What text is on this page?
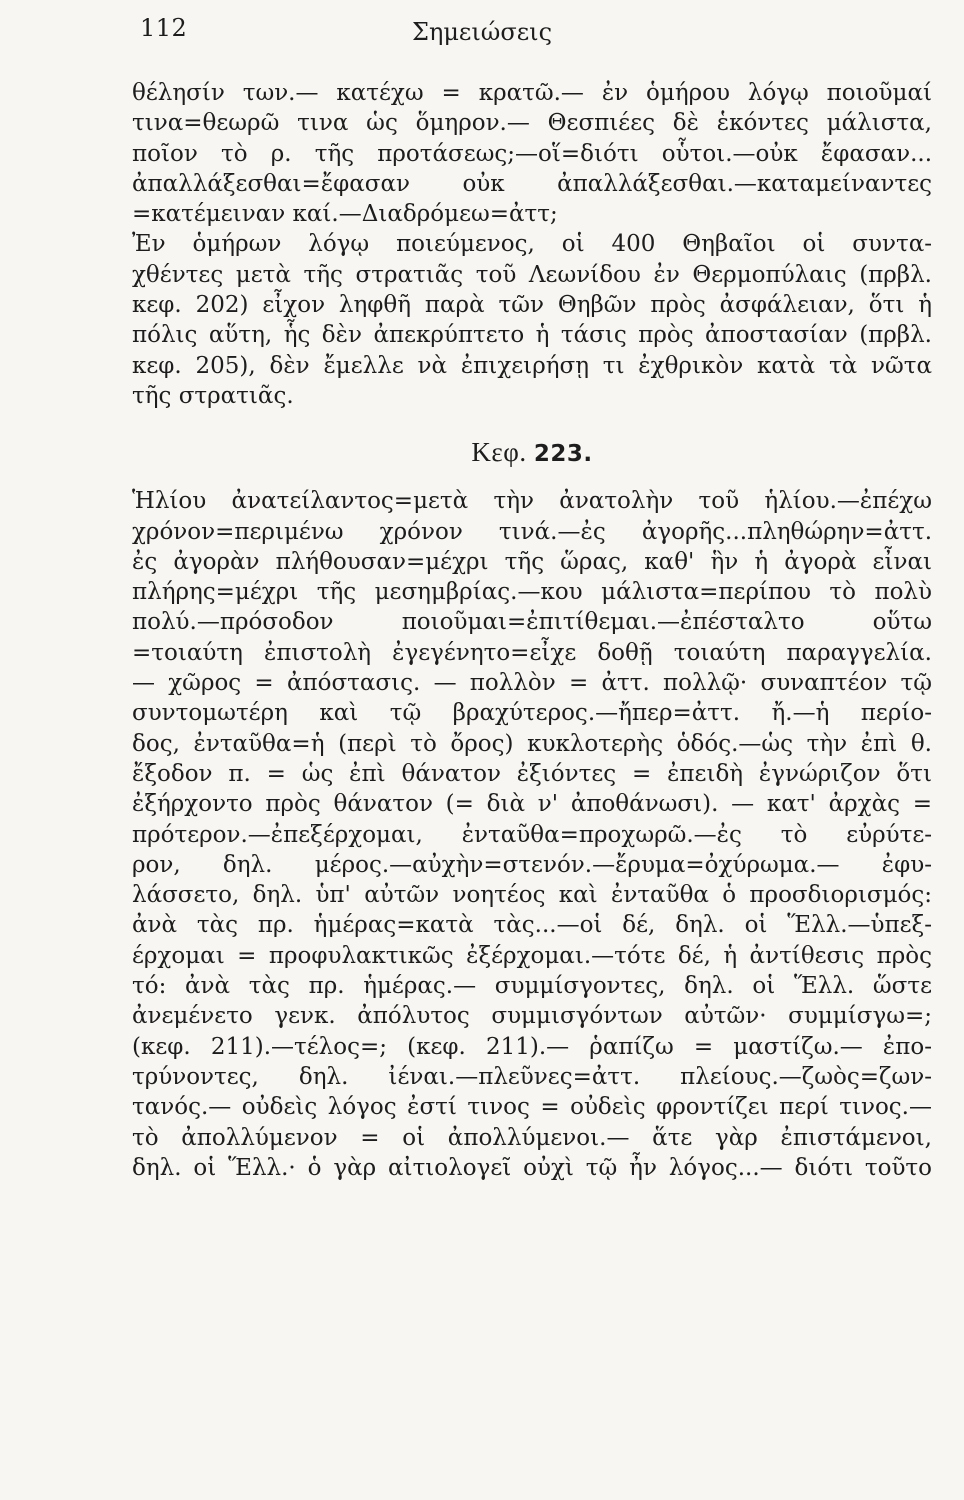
112	Σημειώσεις
θέλησίν των.— κατέχω = κρατῶ.— ἐν ὁμήρου λόγῳ ποιοῦμαί
τινα=θεωρῶ τινα ὡς ὅμηρον.— Θεσπιέες δὲ ἑκόντες μάλιστα,
ποῖον τὸ ρ. τῆς προτάσεως;—οἵ=διότι οὗτοι.—οὐκ ἔφασαν...
ἀπαλλάξεσθαι=ἔφασαν οὐκ ἀπαλλάξεσθαι.—καταμείναντες
=κατέμειναν καί.—Διαδρόμεω=ἀττ;
Ἐν ὁμήρων λόγῳ ποιεύμενος, οἱ 400 Θηβαῖοι οἱ συντα-
χθέντες μετὰ τῆς στρατιᾶς τοῦ Λεωνίδου ἐν Θερμοπύλαις (πρβλ.
κεφ. 202) εἶχον ληφθῆ παρὰ τῶν Θηβῶν πρὸς ἀσφάλειαν, ὅτι ἡ
πόλις αὕτη, ἧς δὲν ἀπεκρύπτετο ἡ τάσις πρὸς ἀποστασίαν (πρβλ.
κεφ. 205), δὲν ἔμελλε νὰ ἐπιχειρήσῃ τι ἐχθρικὸν κατὰ τὰ νῶτα
τῆς στρατιᾶς.
Κεφ. 223.
Ἡλίου ἀνατείλαντος=μετὰ τὴν ἀνατολὴν τοῦ ἡλίου.—ἐπέχω
χρόνον=περιμένω χρόνον τινά.—ἐς ἀγορῆς...πληθώρην=ἀττ.
ἐς ἀγορὰν πλήθουσαν=μέχρι τῆς ὥρας, καθ' ἣν ἡ ἀγορὰ εἶναι
πλήρης=μέχρι τῆς μεσημβρίας.—κου μάλιστα=περίπου τὸ πολὺ
πολύ.—πρόσοδον ποιοῦμαι=ἐπιτίθεμαι.—ἐπέσταλτο οὕτω
=τοιαύτη ἐπιστολὴ ἐγεγένητο=εἶχε δοθῇ τοιαύτη παραγγελία.
— χῶρος = ἀπόστασις. — πολλὸν = ἀττ. πολλῷ· συναπτέον τῷ
συντομωτέρη καὶ τῷ βραχύτερος.—ἤπερ=ἀττ. ἤ.—ἡ περίο-
δος, ἐνταῦθα=ἡ (περὶ τὸ ὄρος) κυκλοτερὴς ὁδός.—ὡς τὴν ἐπὶ θ.
ἔξοδον π. = ὡς ἐπὶ θάνατον ἐξιόντες = ἐπειδὴ ἐγνώριζον ὅτι
ἐξήρχοντο πρὸς θάνατον (= διὰ ν' ἀποθάνωσι). — κατ' ἀρχὰς =
πρότερον.—ἐπεξέρχομαι, ἐνταῦθα=προχωρῶ.—ἐς τὸ εὐρύτε-
ρον, δηλ. μέρος.—αὐχὴν=στενόν.—ἔρυμα=ὀχύρωμα.— ἐφυ-
λάσσετο, δηλ. ὑπ' αὐτῶν νοητέος καὶ ἐνταῦθα ὁ προσδιορισμός:
ἀνὰ τὰς πρ. ἡμέρας=κατὰ τὰς...—οἱ δέ, δηλ. οἱ Ἕλλ.—ὑπεξ-
έρχομαι = προφυλακτικῶς ἐξέρχομαι.—τότε δέ, ἡ ἀντίθεσις πρὸς
τό: ἀνὰ τὰς πρ. ἡμέρας.— συμμίσγοντες, δηλ. οἱ Ἕλλ. ὥστε
ἀνεμένετο γενκ. ἀπόλυτος συμμισγόντων αὐτῶν· συμμίσγω=;
(κεφ. 211).—τέλος=; (κεφ. 211).— ῥαπίζω = μαστίζω.— ἐπο-
τρύνοντες, δηλ. ἰέναι.—πλεῦνες=ἀττ. πλείους.—ζωὸς=ζων-
τανός.— οὐδεὶς λόγος ἐστί τινος = οὐδεὶς φροντίζει περί τινος.—
τὸ ἀπολλύμενον = οἱ ἀπολλύμενοι.— ἅτε γὰρ ἐπιστάμενοι,
δηλ. οἱ Ἕλλ.· ὁ γὰρ αἰτιολογεῖ οὐχὶ τῷ ἦν λόγος...— διότι τοῦτο
